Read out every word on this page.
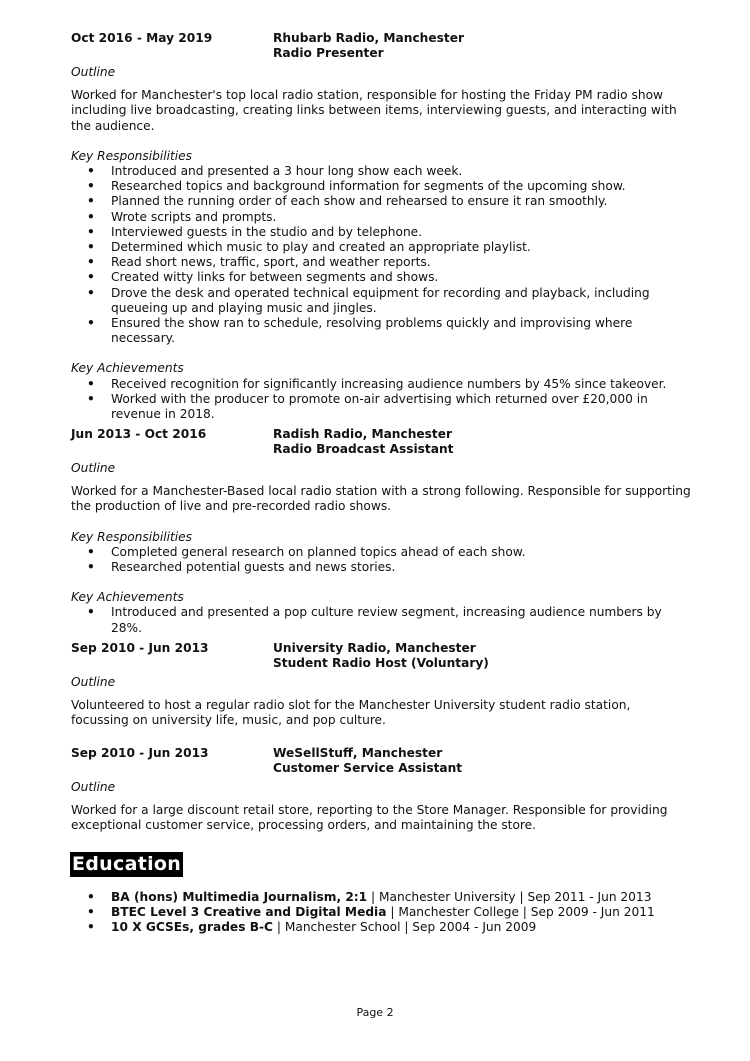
Oct 2016 - May 2019	Rhubarb Radio, Manchester
Radio Presenter

Outline

Worked for Manchester's top local radio station, responsible for hosting the Friday PM radio show including live broadcasting, creating links between items, interviewing guests, and interacting with the audience.

Key Responsibilities

• Introduced and presented a 3 hour long show each week.
• Researched topics and background information for segments of the upcoming show.
• Planned the running order of each show and rehearsed to ensure it ran smoothly.
• Wrote scripts and prompts.
• Interviewed guests in the studio and by telephone.
• Determined which music to play and created an appropriate playlist.
• Read short news, traffic, sport, and weather reports.
• Created witty links for between segments and shows.
• Drove the desk and operated technical equipment for recording and playback, including queueing up and playing music and jingles.
• Ensured the show ran to schedule, resolving problems quickly and improvising where necessary.

Key Achievements

• Received recognition for significantly increasing audience numbers by 45% since takeover.
• Worked with the producer to promote on-air advertising which returned over £20,000 in revenue in 2018.
Jun 2013 - Oct 2016	Radish Radio, Manchester
Radio Broadcast Assistant

Outline

Worked for a Manchester-Based local radio station with a strong following. Responsible for supporting the production of live and pre-recorded radio shows.

Key Responsibilities

• Completed general research on planned topics ahead of each show.
• Researched potential guests and news stories.

Key Achievements

• Introduced and presented a pop culture review segment, increasing audience numbers by 28%.
Sep 2010 - Jun 2013	University Radio, Manchester
Student Radio Host (Voluntary)

Outline

Volunteered to host a regular radio slot for the Manchester University student radio station, focussing on university life, music, and pop culture.

Sep 2010 - Jun 2013	WeSellStuff, Manchester
Customer Service Assistant

Outline

Worked for a large discount retail store, reporting to the Store Manager. Responsible for providing exceptional customer service, processing orders, and maintaining the store.

Education
• BA (hons) Multimedia Journalism, 2:1 | Manchester University | Sep 2011 - Jun 2013
• BTEC Level 3 Creative and Digital Media | Manchester College | Sep 2009 - Jun 2011
• 10 X GCSEs, grades B-C | Manchester School | Sep 2004 - Jun 2009
Page 2
